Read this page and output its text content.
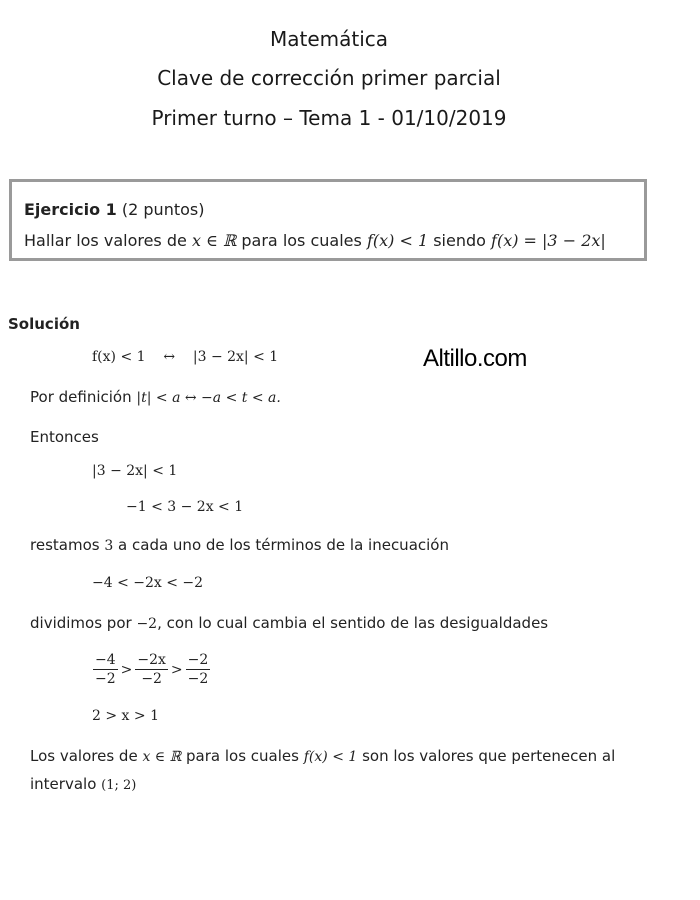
Matemática
Clave de corrección primer parcial
Primer turno – Tema 1 - 01/10/2019
Ejercicio 1 (2 puntos)
Hallar los valores de x ∈ ℝ para los cuales f(x) < 1 siendo f(x) = |3 − 2x|
Solución
f(x) < 1    ↔    |3 − 2x| < 1	Altillo.com
Por definición |t| < a ↔ −a < t < a.
Entonces
|3 − 2x| < 1
−1 < 3 − 2x < 1
restamos 3 a cada uno de los términos de la inecuación
−4 < −2x < −2
dividimos por −2, con lo cual cambia el sentido de las desigualdades
$\frac{-4}{-2} > \frac{-2x}{-2} > \frac{-2}{-2}$
2 > x > 1
Los valores de x ∈ ℝ para los cuales f(x) < 1 son los valores que pertenecen al
intervalo (1; 2)
